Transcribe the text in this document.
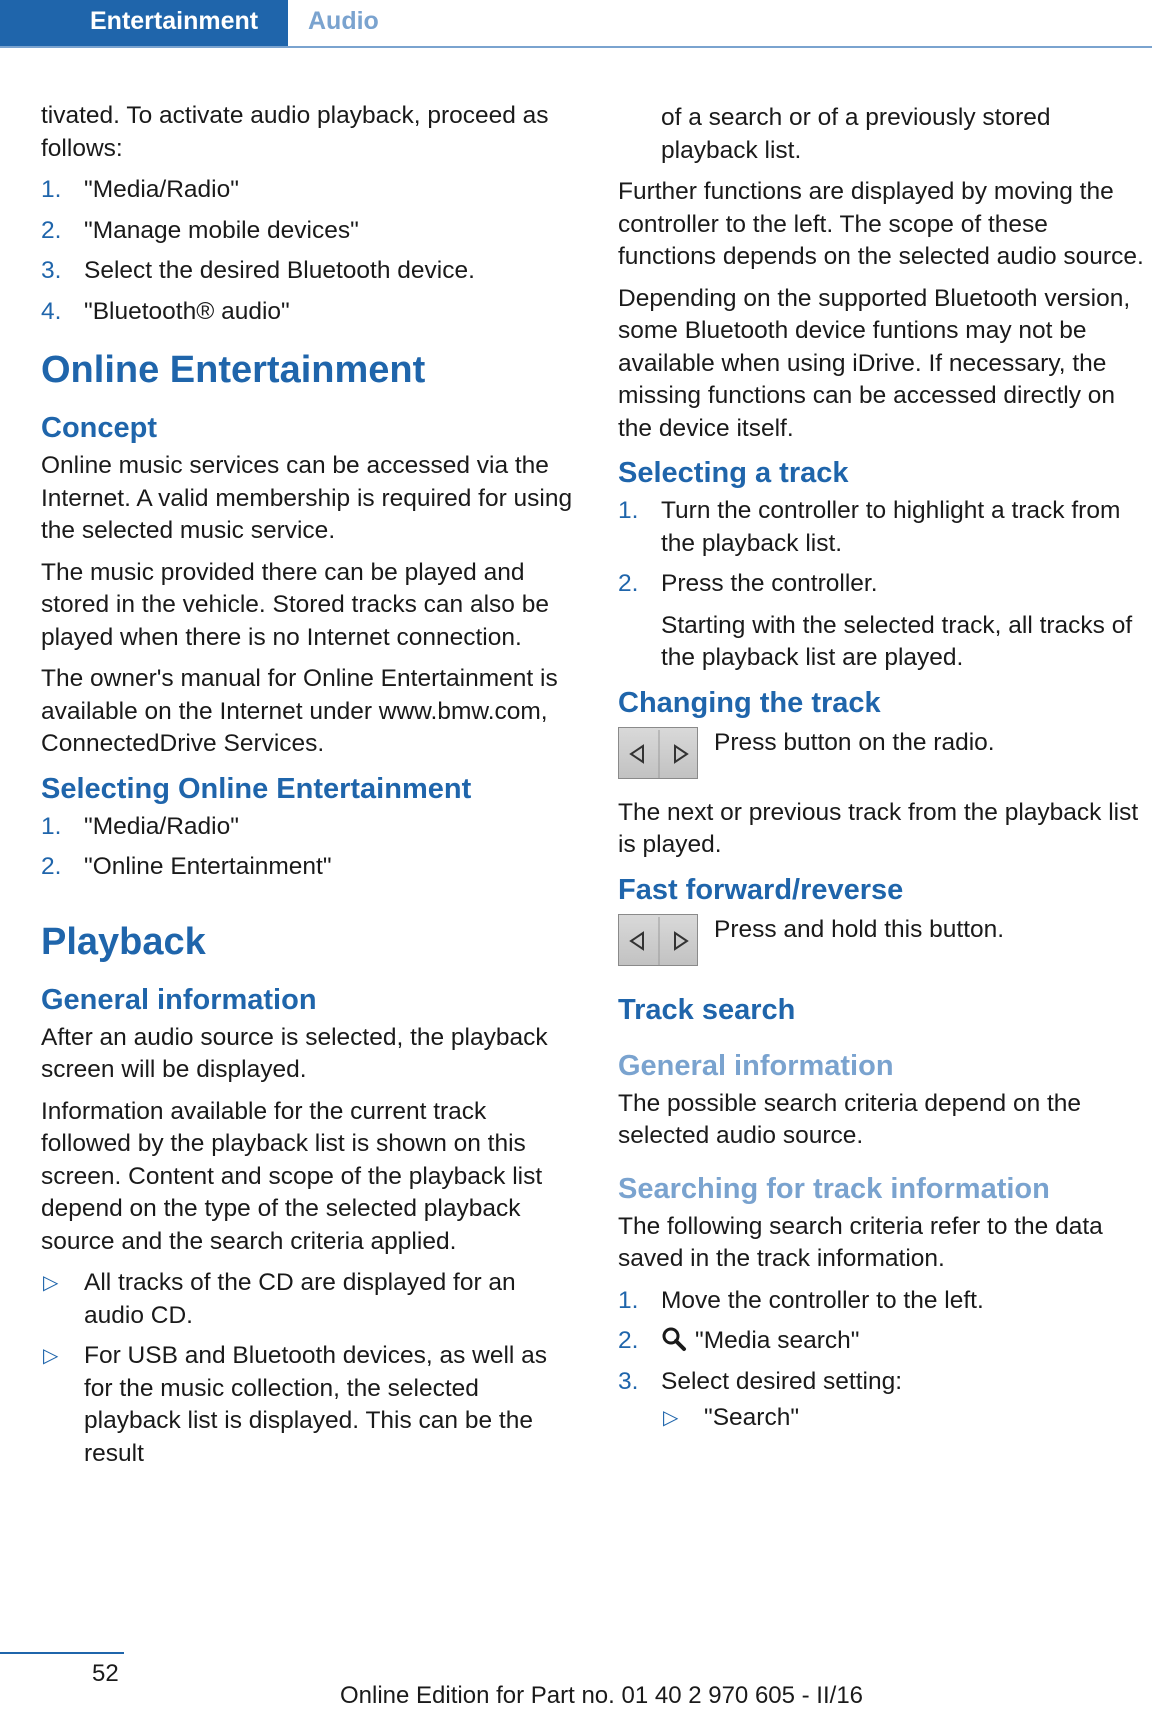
Entertainment	Audio

tivated. To activate audio playback, proceed as follows:

1. "Media/Radio"
2. "Manage mobile devices"
3. Select the desired Bluetooth device.
4. "Bluetooth® audio"
Online Entertainment
Concept

Online music services can be accessed via the Internet. A valid membership is required for using the selected music service.

The music provided there can be played and stored in the vehicle. Stored tracks can also be played when there is no Internet connection.

The owner's manual for Online Entertainment is available on the Internet under www.bmw.com, ConnectedDrive Services.

Selecting Online Entertainment
1. "Media/Radio"
2. "Online Entertainment"
Playback
General information

After an audio source is selected, the playback screen will be displayed.

Information available for the current track followed by the playback list is shown on this screen. Content and scope of the playback list depend on the type of the selected playback source and the search criteria applied.

▷ All tracks of the CD are displayed for an audio CD.
▷ For USB and Bluetooth devices, as well as for the music collection, the selected playback list is displayed. This can be the result

of a search or of a previously stored playback list.

Further functions are displayed by moving the controller to the left. The scope of these functions depends on the selected audio source.

Depending on the supported Bluetooth version, some Bluetooth device funtions may not be available when using iDrive. If necessary, the missing functions can be accessed directly on the device itself.

Selecting a track
1. Turn the controller to highlight a track from the playback list.
2. Press the controller.

Starting with the selected track, all tracks of the playback list are played.

Changing the track
Press button on the radio.

The next or previous track from the playback list is played.

Fast forward/reverse
Press and hold this button.
Track search
General information

The possible search criteria depend on the selected audio source.

Searching for track information

The following search criteria refer to the data saved in the track information.

1. Move the controller to the left.
2. "Media search"
3. Select desired setting:
▷ "Search"
52
Online Edition for Part no. 01 40 2 970 605 - II/16
